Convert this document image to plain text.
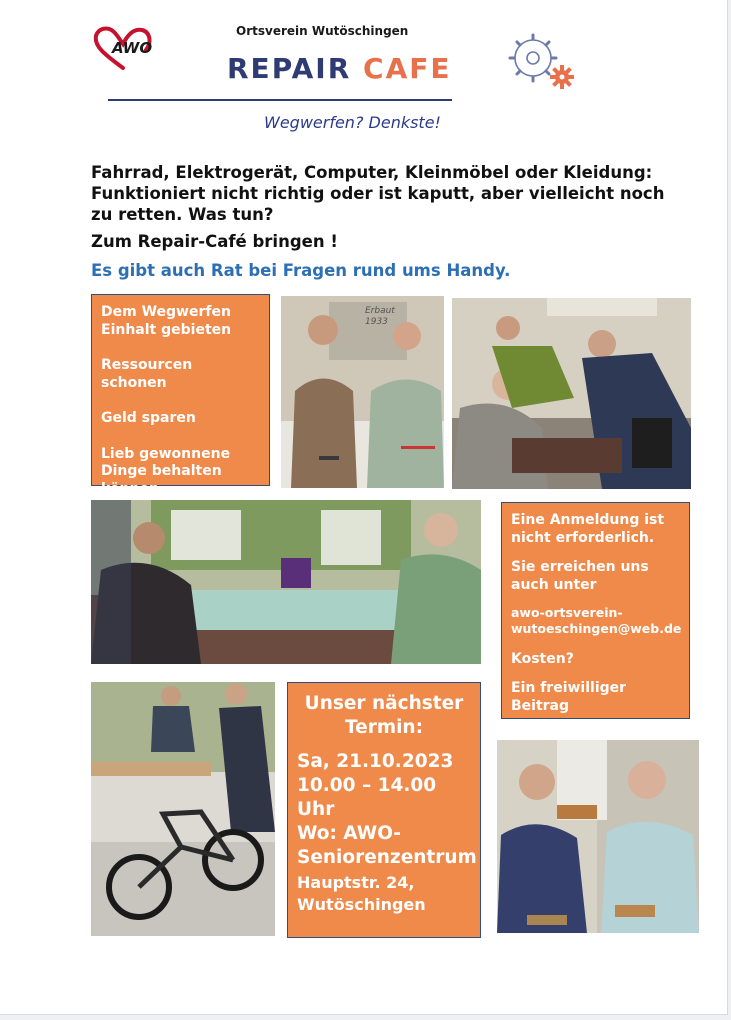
AWO
Ortsverein Wutöschingen
REPAIR CAFE
Wegwerfen? Denkste!
Fahrrad, Elektrogerät, Computer, Kleinmöbel oder Kleidung: Funktioniert nicht richtig oder ist kaputt, aber vielleicht noch zu retten. Was tun?
Zum Repair-Café bringen !
Es gibt auch Rat bei Fragen rund ums Handy.

Dem Wegwerfen Einhalt gebieten

Ressourcen schonen

Geld sparen

Lieb gewonnene Dinge behalten können

Erbaut 1933

Eine Anmeldung ist nicht erforderlich.

Sie erreichen uns auch unter

awo-ortsverein-wutoeschingen@web.de

Kosten?

Ein freiwilliger Beitrag

Unser nächster Termin:

Sa, 21.10.2023

10.00 – 14.00 Uhr

Wo: AWO-Seniorenzentrum

Hauptstr. 24,

Wutöschingen
